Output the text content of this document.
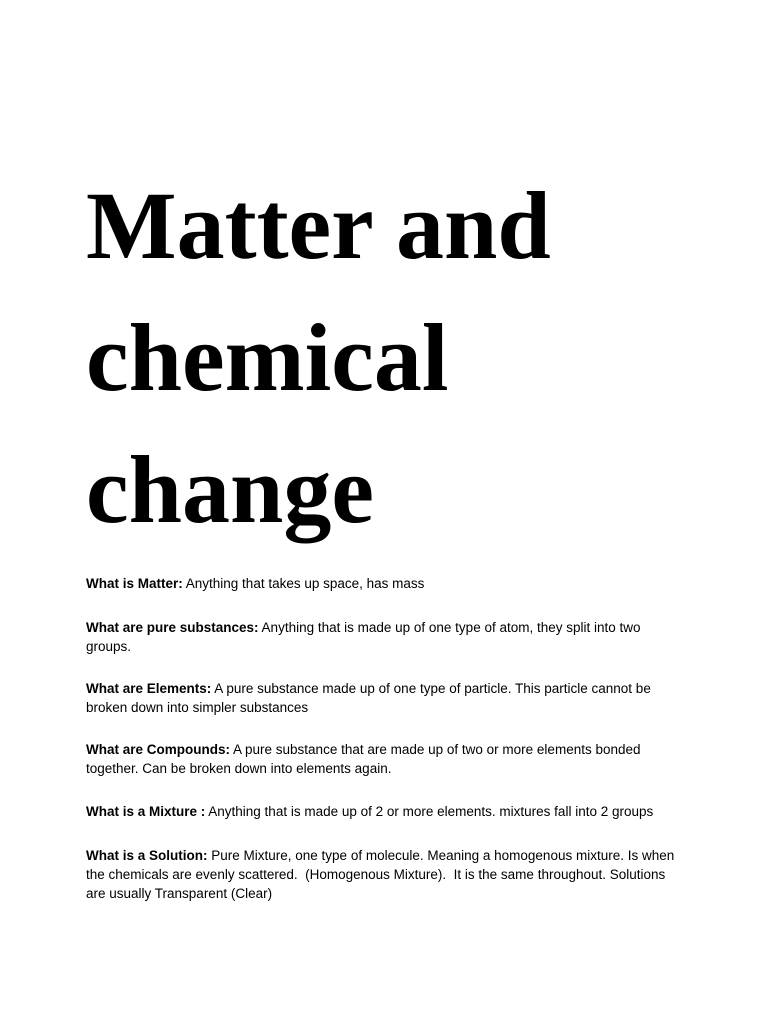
Matter and
chemical
change

What is Matter: Anything that takes up space, has mass

What are pure substances: Anything that is made up of one type of atom, they split into two groups.

What are Elements: A pure substance made up of one type of particle. This particle cannot be broken down into simpler substances

What are Compounds: A pure substance that are made up of two or more elements bonded together. Can be broken down into elements again.

What is a Mixture : Anything that is made up of 2 or more elements. mixtures fall into 2 groups

What is a Solution: Pure Mixture, one type of molecule. Meaning a homogenous mixture. Is when the chemicals are evenly scattered.  (Homogenous Mixture).  It is the same throughout. Solutions are usually Transparent (Clear)
